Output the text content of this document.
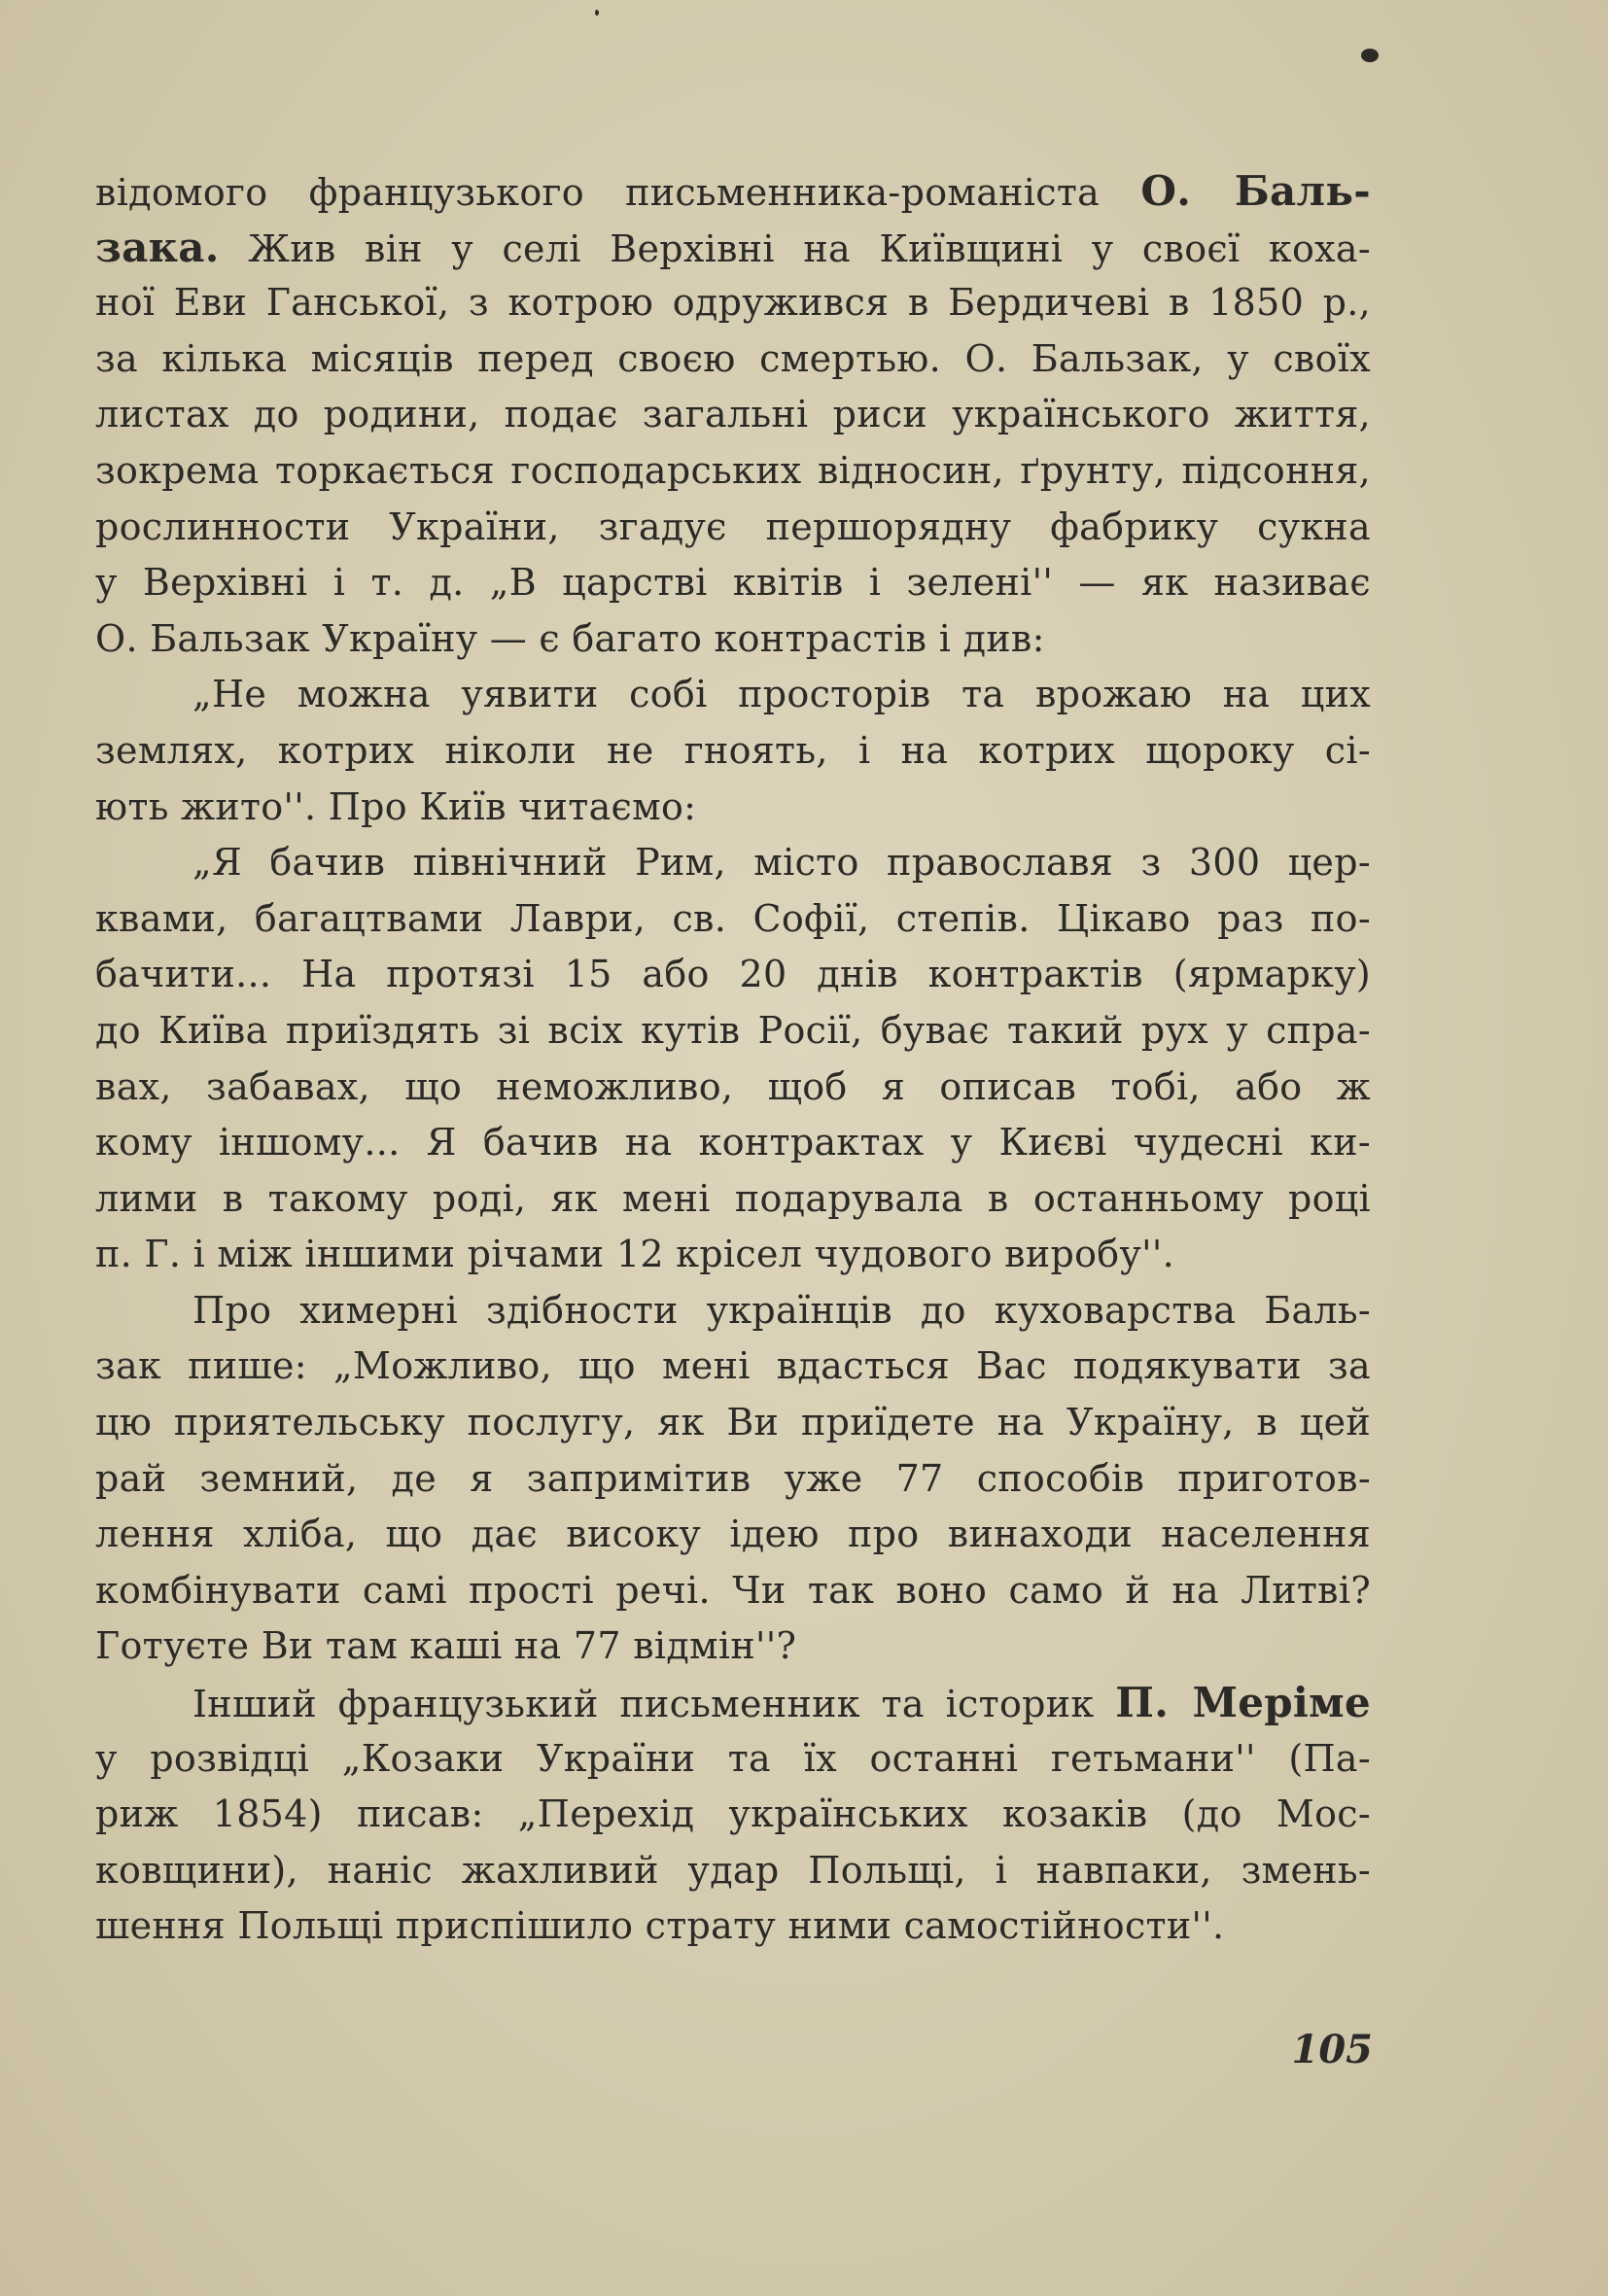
відомого французького письменника-романіста О. Баль-
зака. Жив він у селі Верхівні на Київщині у своєї коха-
ної Еви Ганської, з котрою одружився в Бердичеві в 1850 р.,
за кілька місяців перед своєю смертью. О. Бальзак, у своїх
листах до родини, подає загальні риси українського життя,
зокрема торкається господарських відносин, ґрунту, підсоння,
рослинности України, згадує першорядну фабрику сукна
у Верхівні і т. д. „В царстві квітів і зелені'' — як називає
О. Бальзак Україну — є багато контрастів і див:
„Не можна уявити собі просторів та врожаю на цих
землях, котрих ніколи не гноять, і на котрих щороку сі-
ють жито''. Про Київ читаємо:
„Я бачив північний Рим, місто православя з 300 цер-
квами, багацтвами Лаври, св. Софії, степів. Цікаво раз по-
бачити... На протязі 15 або 20 днів контрактів (ярмарку)
до Київа приїздять зі всіх кутів Росії, буває такий рух у спра-
вах, забавах, що неможливо, щоб я описав тобі, або ж
кому іншому... Я бачив на контрактах у Києві чудесні ки-
лими в такому роді, як мені подарувала в останньому році
п. Г. і між іншими річами 12 крісел чудового виробу''.
Про химерні здібности українців до куховарства Баль-
зак пише: „Можливо, що мені вдасться Вас подякувати за
цю приятельську послугу, як Ви приїдете на Україну, в цей
рай земний, де я запримітив уже 77 способів приготов-
лення хліба, що дає високу ідею про винаходи населення
комбінувати самі прості речі. Чи так воно само й на Литві?
Готуєте Ви там каші на 77 відмін''?
Інший французький письменник та історик П. Меріме
у розвідці „Козаки України та їх останні гетьмани'' (Па-
риж 1854) писав: „Перехід українських козаків (до Мос-
ковщини), наніс жахливий удар Польщі, і навпаки, змень-
шення Польщі приспішило страту ними самостійности''.
105
